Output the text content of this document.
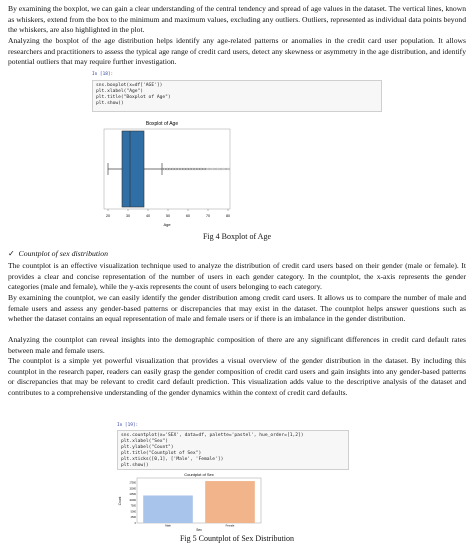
By examining the boxplot, we can gain a clear understanding of the central tendency and spread of age values in the dataset. The vertical lines, known as whiskers, extend from the box to the minimum and maximum values, excluding any outliers. Outliers, represented as individual data points beyond the whiskers, are also highlighted in the plot.

Analyzing the boxplot of the age distribution helps identify any age-related patterns or anomalies in the credit card user population. It allows researchers and practitioners to assess the typical age range of credit card users, detect any skewness or asymmetry in the age distribution, and identify potential outliers that may require further investigation.

In [18]:
sns.boxplot(x=df['AGE'])
plt.xlabel("Age")
plt.title("Boxplot of Age")
plt.show()
Boxplot of Age
20	30	40	50	60	70	80
Age
Fig 4 Boxplot of Age
✓ Countplot of sex distribution

The countplot is an effective visualization technique used to analyze the distribution of credit card users based on their gender (male or female). It provides a clear and concise representation of the number of users in each gender category. In the countplot, the x-axis represents the gender categories (male and female), while the y-axis represents the count of users belonging to each category.

By examining the countplot, we can easily identify the gender distribution among credit card users. It allows us to compare the number of male and female users and assess any gender-based patterns or discrepancies that may exist in the dataset. The countplot helps answer questions such as whether the dataset contains an equal representation of male and female users or if there is an imbalance in the gender distribution.

Analyzing the countplot can reveal insights into the demographic composition of there are any significant differences in credit card default rates between male and female users.

The countplot is a simple yet powerful visualization that provides a visual overview of the gender distribution in the dataset. By including this countplot in the research paper, readers can easily grasp the gender composition of credit card users and gain insights into any gender-based patterns or discrepancies that may be relevant to credit card default prediction. This visualization adds value to the descriptive analysis of the dataset and contributes to a comprehensive understanding of the gender dynamics within the context of credit card defaults.

In [19]:
sns.countplot(x='SEX', data=df, palette='pastel', hue_order=[1,2])
plt.xlabel("Sex")
plt.ylabel("Count")
plt.title("Countplot of Sex")
plt.xticks([0,1], ['Male', 'Female'])
plt.show()
Countplot of Sex
0
2500
5000
7500
10000
12500
15000
17500
Male	Female
Sex
Count
Fig 5 Countplot of Sex Distribution
